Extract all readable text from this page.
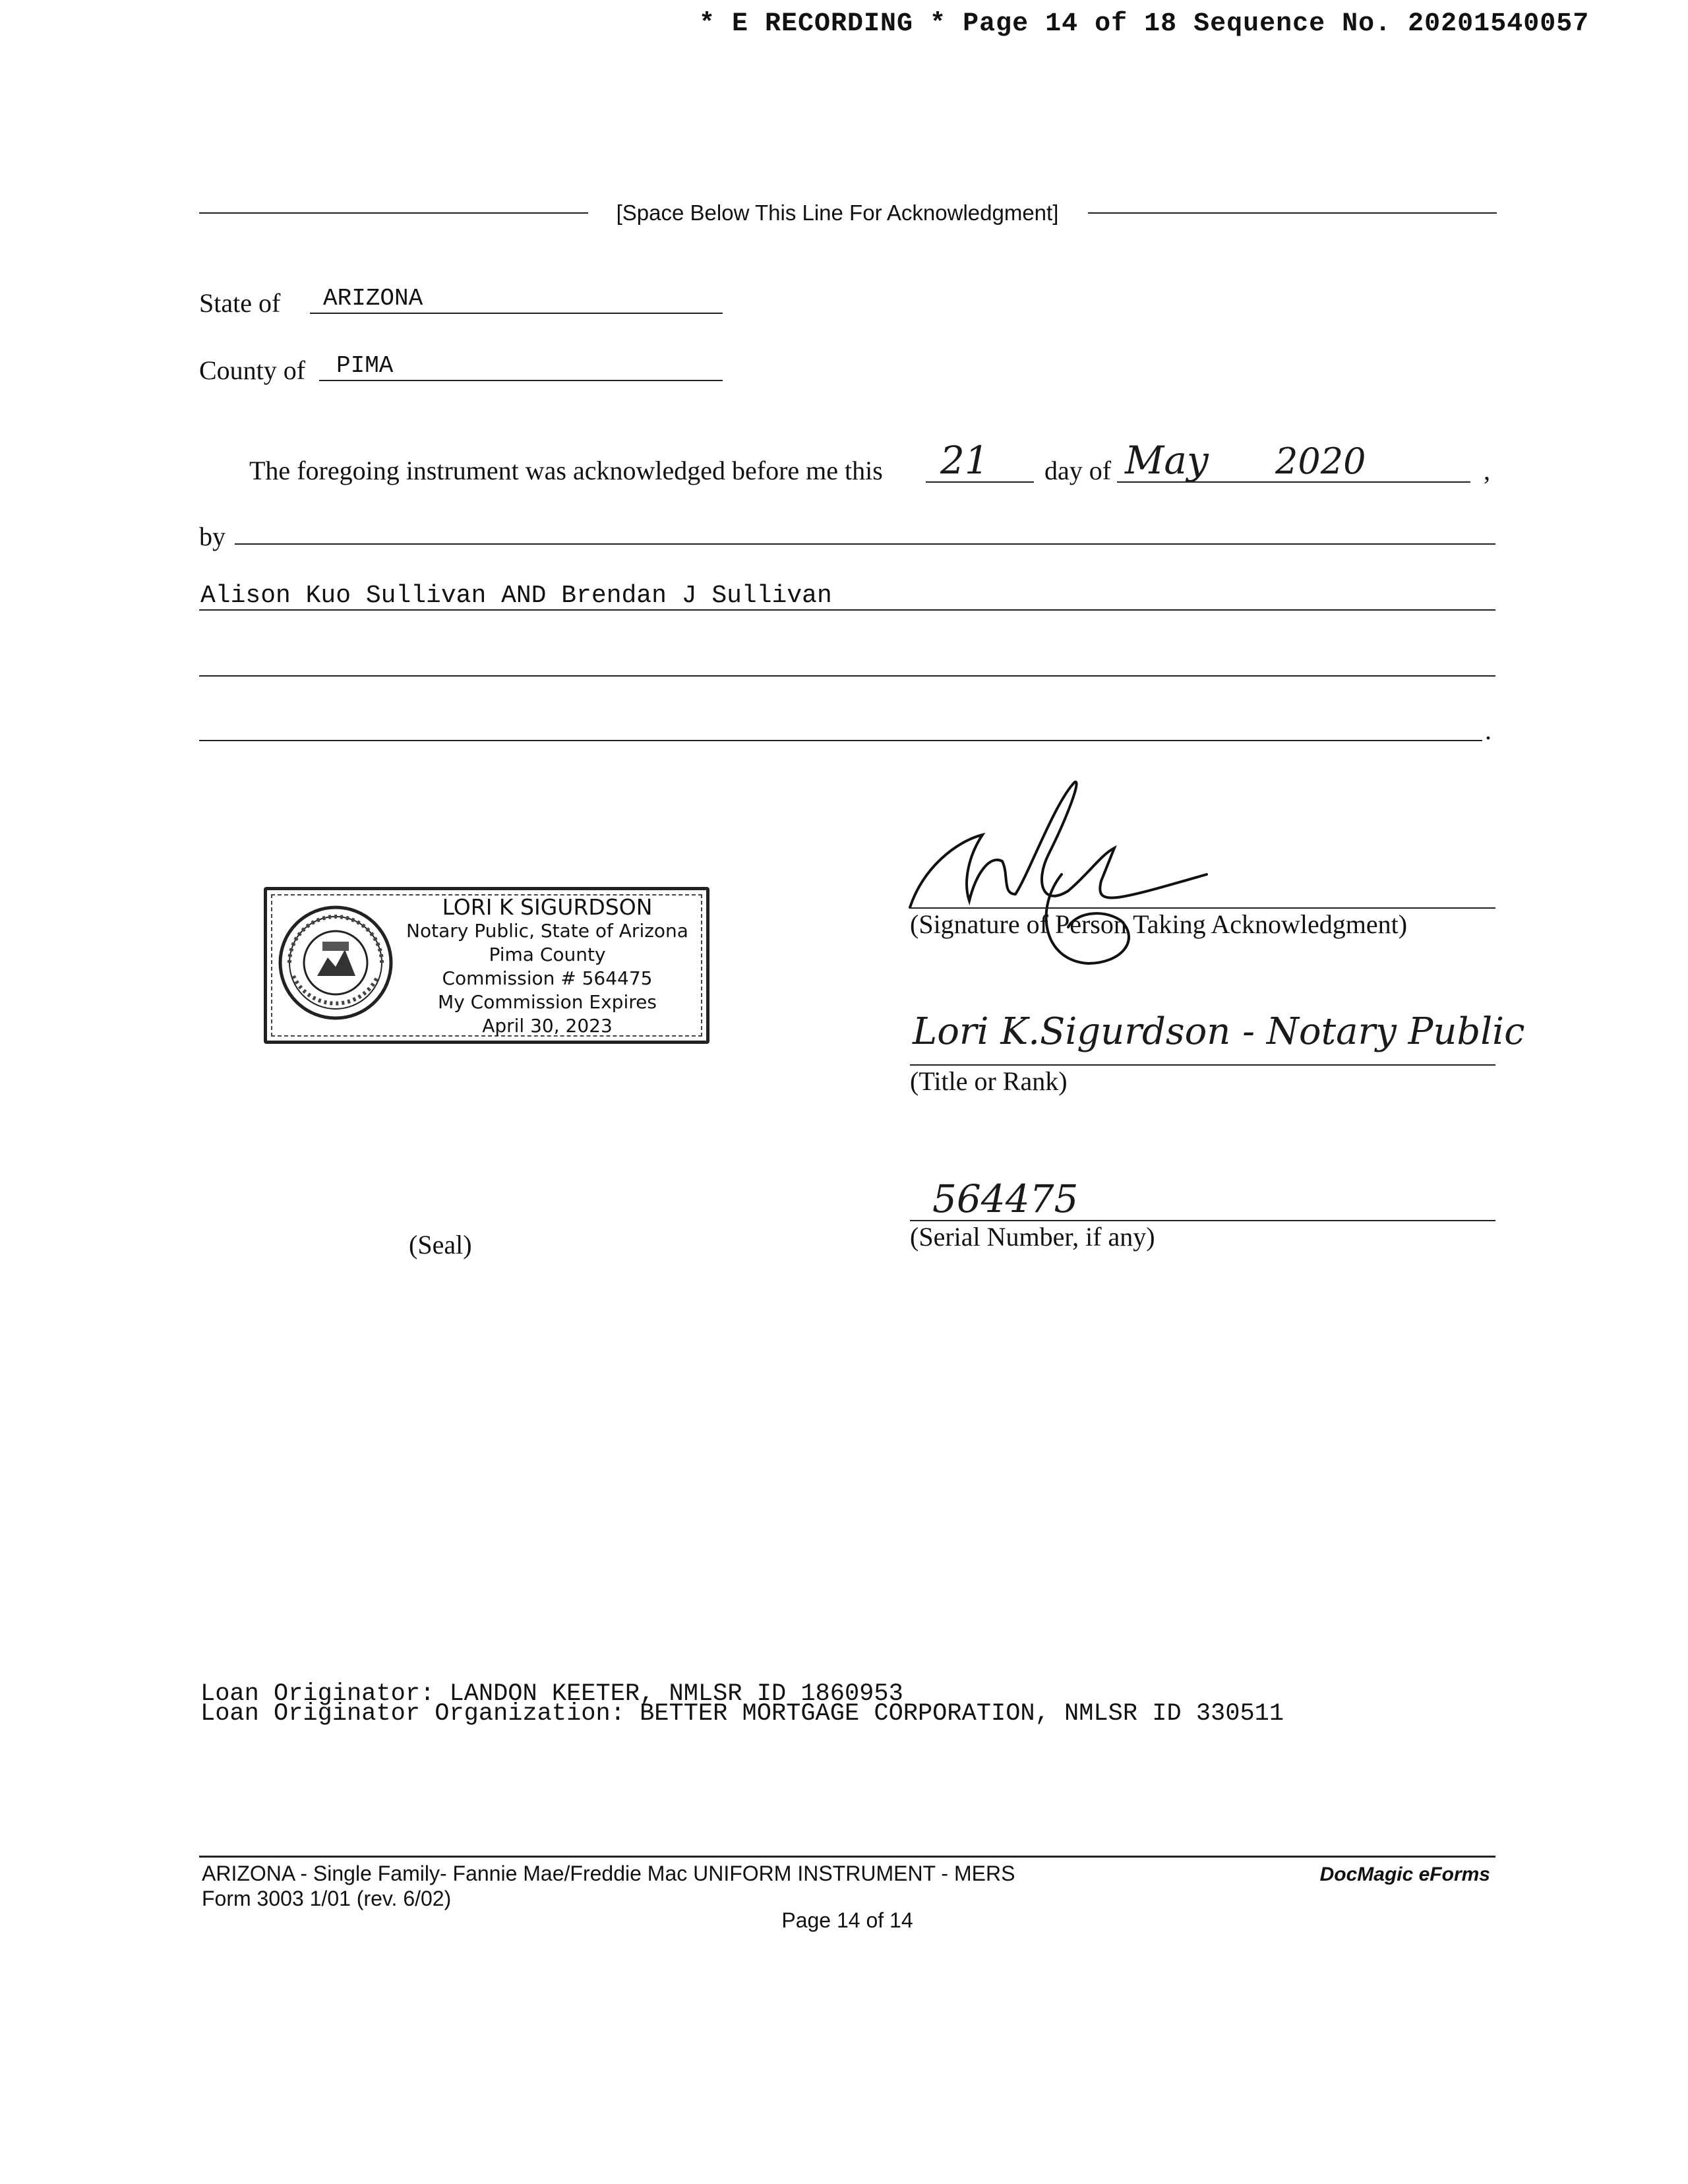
* E RECORDING * Page 14 of 18 Sequence No. 20201540057
[Space Below This Line For Acknowledgment]
State of ARIZONA
County of PIMA
The foregoing instrument was acknowledged before me this 21 day of May 2020	,
by
Alison Kuo Sullivan AND Brendan J Sullivan
.
LORI K SIGURDSON
Notary Public, State of Arizona
Pima County
Commission # 564475
My Commission Expires
April 30, 2023
(Seal)
(Signature of Person Taking Acknowledgment)
Lori K.Sigurdson - Notary Public
(Title or Rank)
564475
(Serial Number, if any)
Loan Originator: LANDON KEETER, NMLSR ID 1860953
Loan Originator Organization: BETTER MORTGAGE CORPORATION, NMLSR ID 330511
ARIZONA - Single Family- Fannie Mae/Freddie Mac UNIFORM INSTRUMENT - MERS
Form 3003 1/01 (rev. 6/02)
Page 14 of 14
DocMagic eForms
